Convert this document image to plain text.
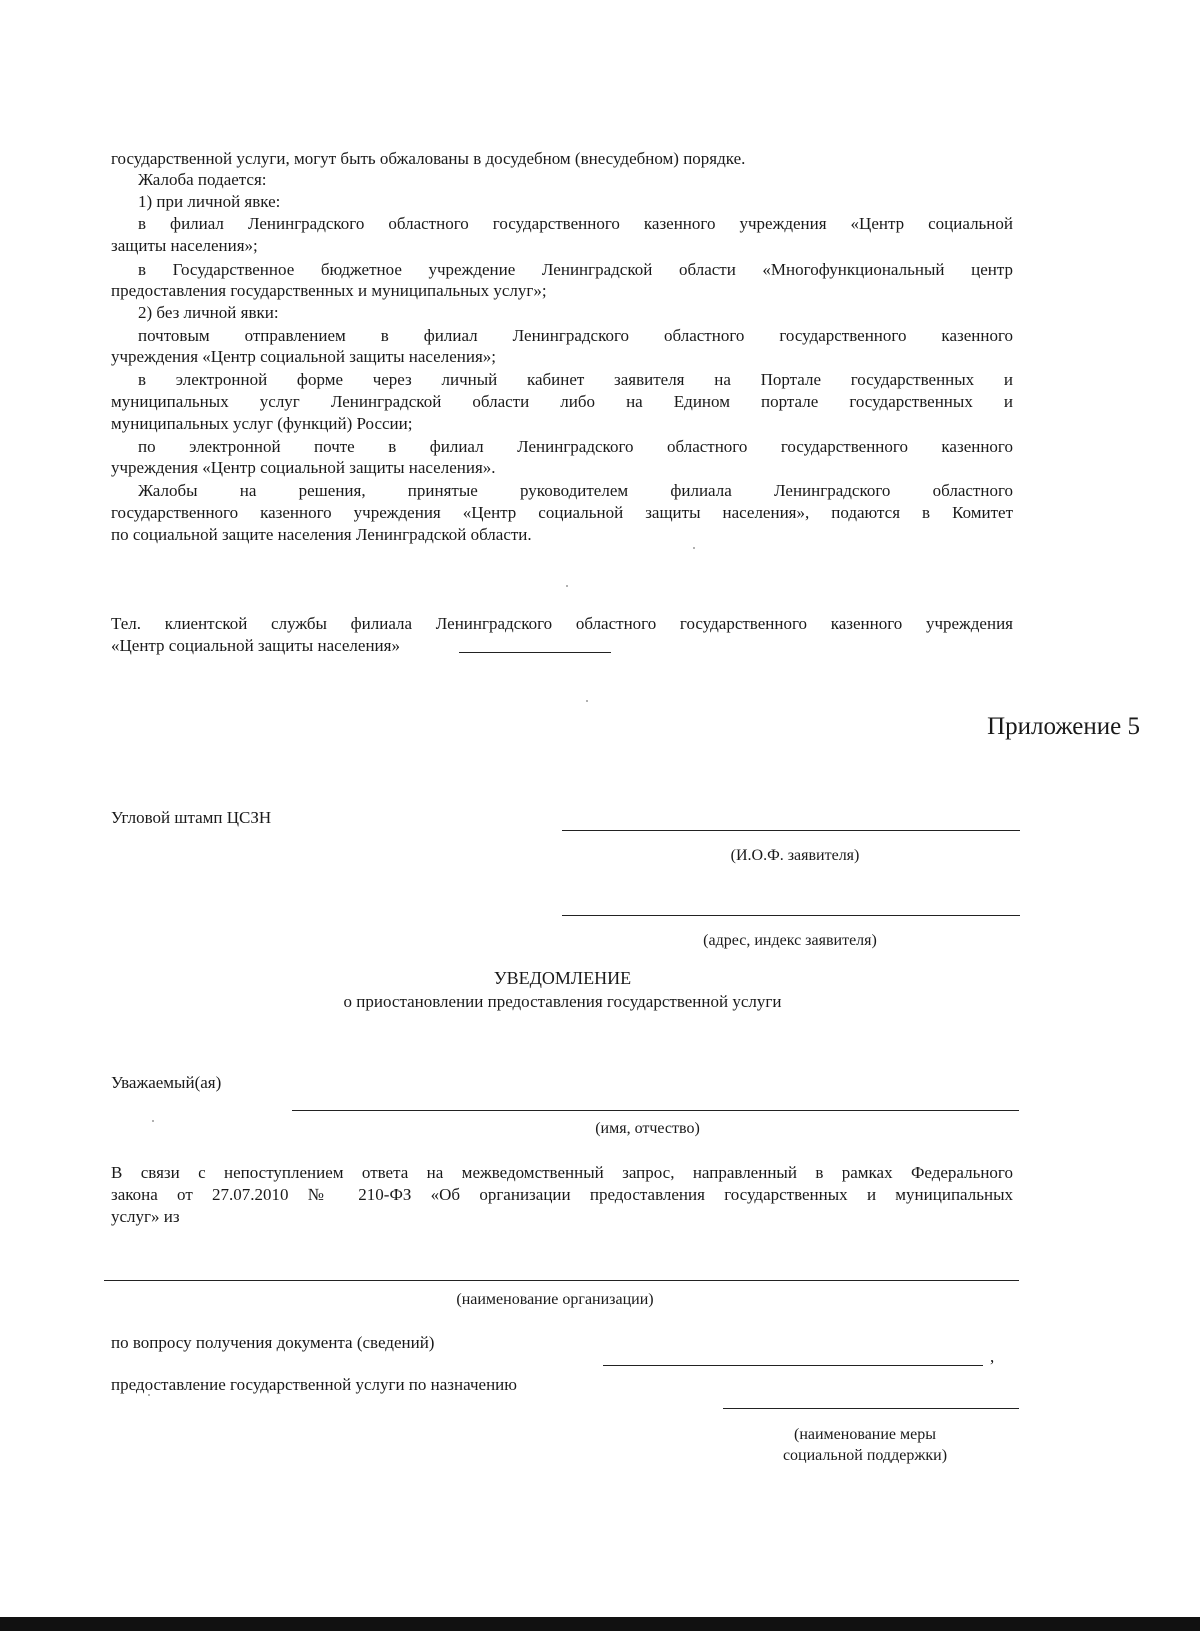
государственной услуги, могут быть обжалованы в досудебном (внесудебном) порядке.
Жалоба подается:
1) при личной явке:
в филиал Ленинградского областного государственного казенного учреждения «Центр социальной
защиты населения»;
в Государственное бюджетное учреждение Ленинградской области «Многофункциональный центр
предоставления государственных и муниципальных услуг»;
2) без личной явки:
почтовым отправлением в филиал Ленинградского областного государственного казенного
учреждения «Центр социальной защиты населения»;
в электронной форме через личный кабинет заявителя на Портале государственных и
муниципальных услуг Ленинградской области либо на Едином портале государственных и
муниципальных услуг (функций) России;
по электронной почте в филиал Ленинградского областного государственного казенного
учреждения «Центр социальной защиты населения».
Жалобы на решения, принятые руководителем филиала Ленинградского областного
государственного казенного учреждения «Центр социальной защиты населения», подаются в Комитет
по социальной защите населения Ленинградской области.
Тел. клиентской службы филиала Ленинградского областного государственного казенного учреждения
«Центр социальной защиты населения»
Приложение 5
Угловой штамп ЦСЗН
(И.О.Ф. заявителя)
(адрес, индекс заявителя)
УВЕДОМЛЕНИЕ
о приостановлении предоставления государственной услуги
Уважаемый(ая)
(имя, отчество)
В связи с непоступлением ответа на межведомственный запрос, направленный в рамках Федерального
закона от 27.07.2010 № 210-ФЗ «Об организации предоставления государственных и муниципальных
услуг» из
(наименование организации)
по вопросу получения документа (сведений)
,
предоставление государственной услуги по назначению
(наименование меры
социальной поддержки)
